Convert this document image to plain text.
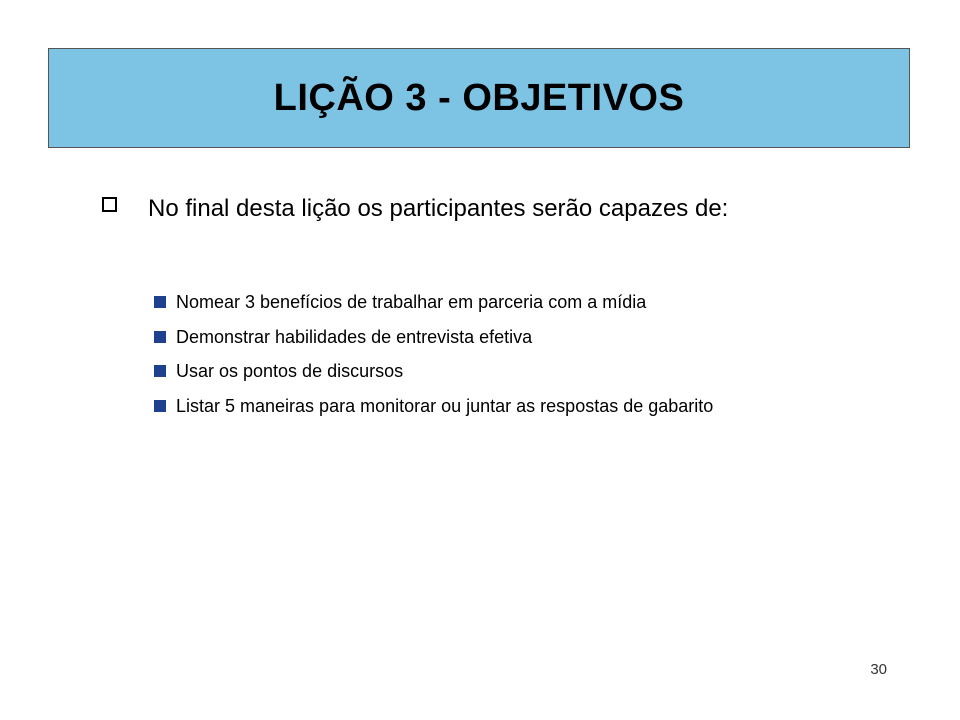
LIÇÃO 3 - OBJETIVOS
No final desta lição os participantes serão capazes de:
Nomear 3 benefícios de trabalhar em parceria com a mídia
Demonstrar habilidades de entrevista efetiva
Usar os pontos de discursos
Listar 5 maneiras para monitorar ou juntar as respostas de gabarito
30
